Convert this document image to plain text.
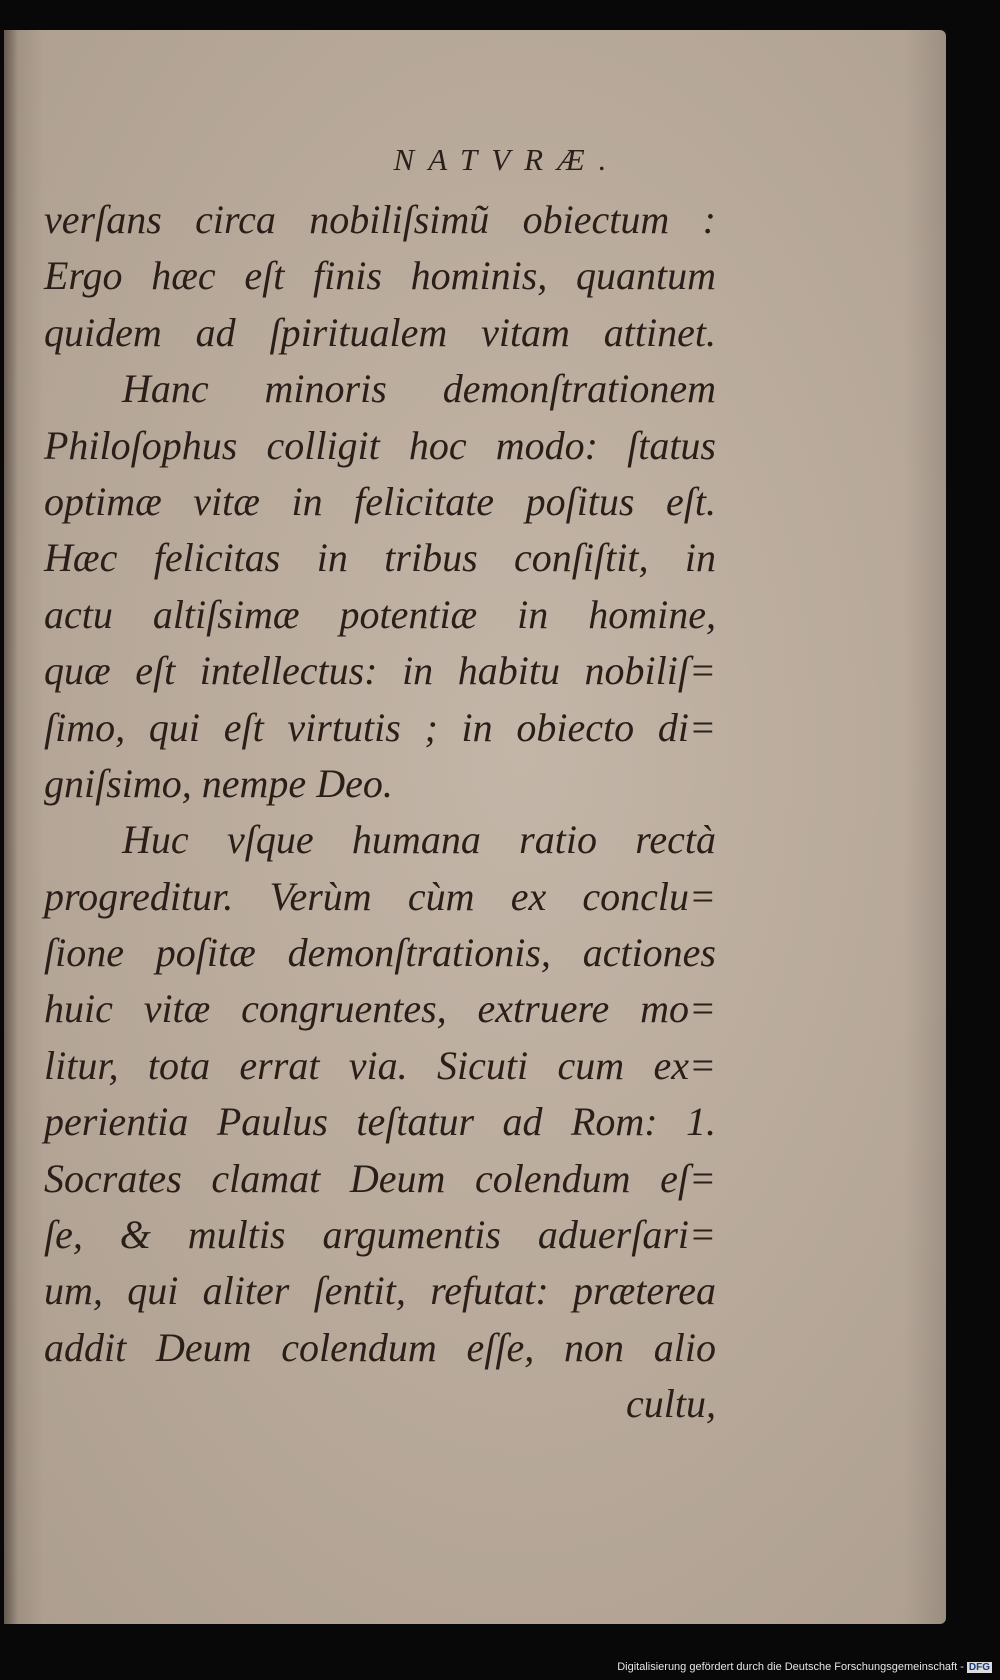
NATVRÆ.
verſans circa nobiliſsimũ obiectum :
Ergo hæc eſt finis hominis, quantum
quidem ad ſpiritualem vitam attinet.
Hanc minoris demonſtrationem
Philoſophus colligit hoc modo: ſtatus
optimæ vitæ in felicitate poſitus eſt.
Hæc felicitas in tribus conſiſtit, in
actu altiſsimæ potentiæ in homine,
quæ eſt intellectus: in habitu nobiliſ=
ſimo, qui eſt virtutis ; in obiecto di=
gniſsimo, nempe Deo.
Huc vſque humana ratio rectà
progreditur. Verùm cùm ex conclu=
ſione poſitæ demonſtrationis, actiones
huic vitæ congruentes, extruere mo=
litur, tota errat via. Sicuti cum ex=
perientia Paulus teſtatur ad Rom: 1.
Socrates clamat Deum colendum eſ=
ſe, & multis argumentis aduerſari=
um, qui aliter ſentit, refutat: præterea
addit Deum colendum eſſe, non alio
cultu,
Digitalisierung gefördert durch die Deutsche Forschungsgemeinschaft - DFG
